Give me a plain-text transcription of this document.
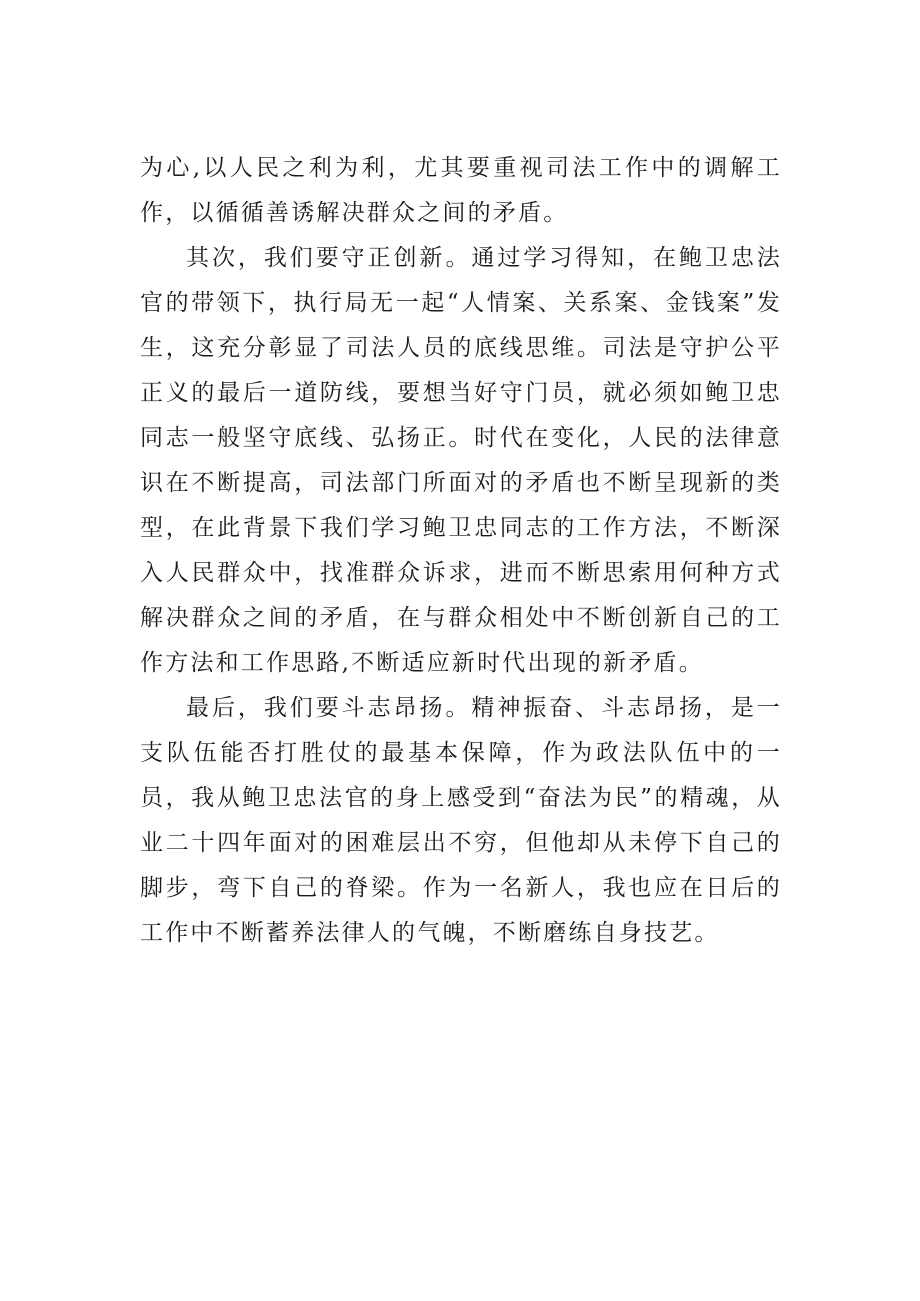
为心,以人民之利为利，尤其要重视司法工作中的调解工作，以循循善诱解决群众之间的矛盾。

其次，我们要守正创新。通过学习得知，在鲍卫忠法官的带领下，执行局无一起“人情案、关系案、金钱案”发生，这充分彰显了司法人员的底线思维。司法是守护公平正义的最后一道防线，要想当好守门员，就必须如鲍卫忠同志一般坚守底线、弘扬正。时代在变化，人民的法律意识在不断提高，司法部门所面对的矛盾也不断呈现新的类型，在此背景下我们学习鲍卫忠同志的工作方法，不断深入人民群众中，找准群众诉求，进而不断思索用何种方式解决群众之间的矛盾，在与群众相处中不断创新自己的工作方法和工作思路,不断适应新时代出现的新矛盾。

最后，我们要斗志昂扬。精神振奋、斗志昂扬，是一支队伍能否打胜仗的最基本保障，作为政法队伍中的一员，我从鲍卫忠法官的身上感受到“奋法为民”的精魂，从业二十四年面对的困难层出不穷，但他却从未停下自己的脚步，弯下自己的脊梁。作为一名新人，我也应在日后的工作中不断蓄养法律人的气魄，不断磨练自身技艺。
